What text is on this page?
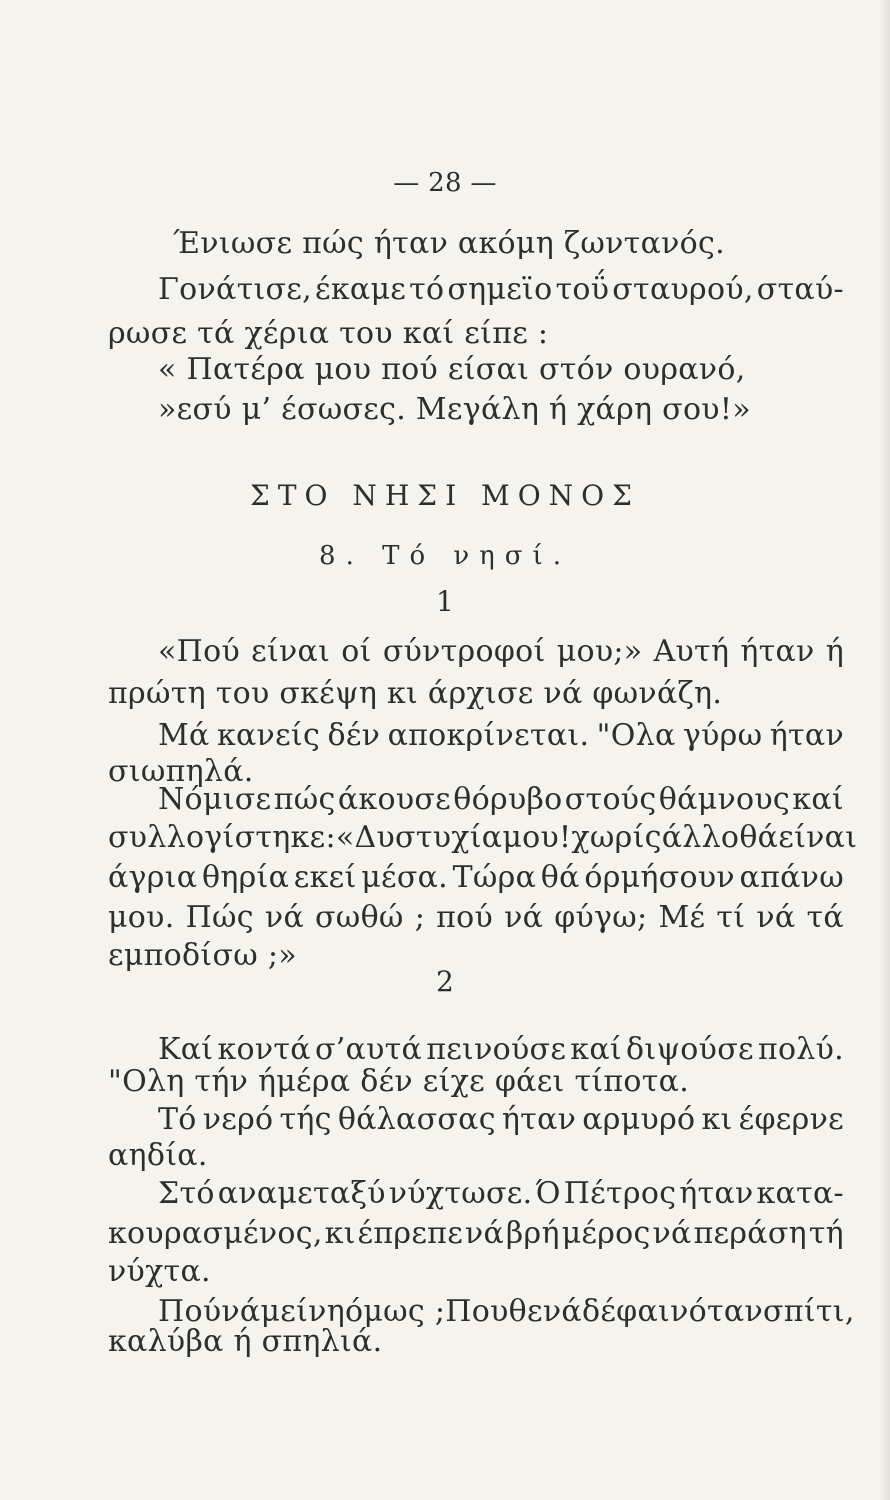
— 28 —
Ένιωσε πώς ήταν ακόμη ζωντανός.
Γονάτισε, έκαμε τό σημεϊο τοΰ σταυρού, σταύ-
ρωσε τά χέρια του καί είπε :
« Πατέρα μου πού είσαι στόν ουρανό,
»εσύ μ’ έσωσες. Μεγάλη ή χάρη σου!»
ΣΤΟ ΝΗΣΙ ΜΟΝΟΣ
8. Τό νησί.
1
«Πού είναι οί σύντροφοί μου;» Αυτή ήταν ή
πρώτη του σκέψη κι άρχισε νά φωνάζη.
Μά κανείς δέν αποκρίνεται. "Ολα γύρω ήταν
σιωπηλά.
Νόμισε πώς άκουσε θόρυβο στούς θάμνους καί
συλλογίστηκε: «Δυστυχία μου! χωρίς άλλο θά είναι
άγρια θηρία εκεί μέσα. Τώρα θά όρμήσουν απάνω
μου. Πώς νά σωθώ ; πού νά φύγω; Μέ τί νά τά
εμποδίσω ;»
2
Καί κοντά σ’αυτά πεινούσε καί διψούσε πολύ.
"Ολη τήν ήμέρα δέν είχε φάει τίποτα.
Τό νερό τής θάλασσας ήταν αρμυρό κι έφερνε
αηδία.
Στό αναμεταξύ νύχτωσε. Ό Πέτρος ήταν κατα-
κουρασμένος, κι έπρεπε νά βρή μέρος νά περάση τή
νύχτα.
Πού νά μείνη όμως ; Πουθενά δέ φαινόταν σπίτι,
καλύβα ή σπηλιά.
